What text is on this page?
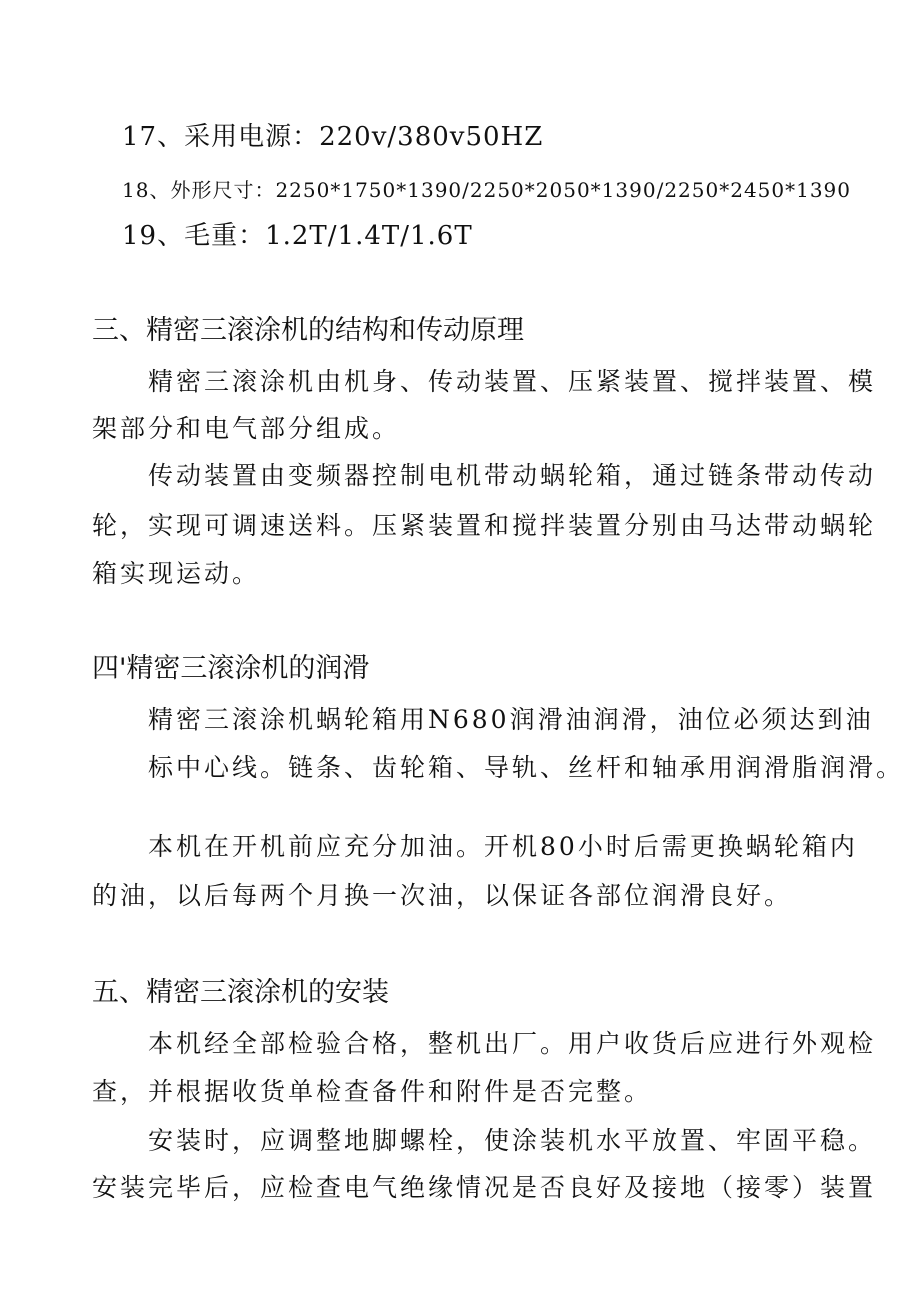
17、采用电源：220v/380v50HZ
18、外形尺寸：2250*1750*1390/2250*2050*1390/2250*2450*1390
19、毛重：1.2T/1.4T/1.6T
三、精密三滚涂机的结构和传动原理
精密三滚涂机由机身、传动装置、压紧装置、搅拌装置、模
架部分和电气部分组成。
传动装置由变频器控制电机带动蜗轮箱，通过链条带动传动
轮，实现可调速送料。压紧装置和搅拌装置分别由马达带动蜗轮
箱实现运动。
四'精密三滚涂机的润滑
精密三滚涂机蜗轮箱用N680润滑油润滑，油位必须达到油
标中心线。链条、齿轮箱、导轨、丝杆和轴承用润滑脂润滑。
本机在开机前应充分加油。开机80小时后需更换蜗轮箱内
的油，以后每两个月换一次油，以保证各部位润滑良好。
五、精密三滚涂机的安装
本机经全部检验合格，整机出厂。用户收货后应进行外观检
查，并根据收货单检查备件和附件是否完整。
安装时，应调整地脚螺栓，使涂装机水平放置、牢固平稳。
安装完毕后，应检查电气绝缘情况是否良好及接地（接零）装置
